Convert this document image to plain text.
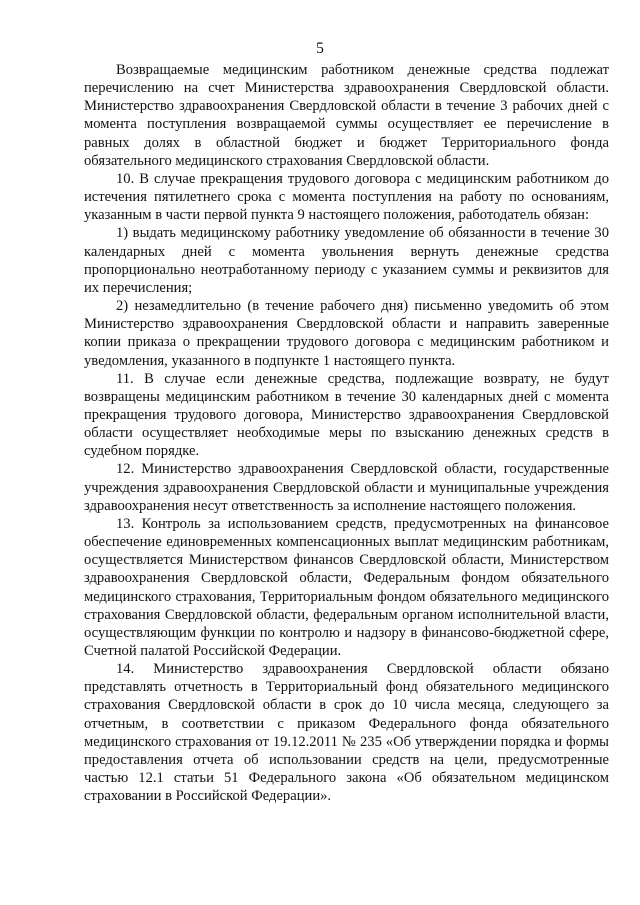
5

Возвращаемые медицинским работником денежные средства подлежат перечислению на счет Министерства здравоохранения Свердловской области. Министерство здравоохранения Свердловской области в течение 3 рабочих дней с момента поступления возвращаемой суммы осуществляет ее перечисление в равных долях в областной бюджет и бюджет Территориального фонда обязательного медицинского страхования Свердловской области.

10. В случае прекращения трудового договора с медицинским работником до истечения пятилетнего срока с момента поступления на работу по основаниям, указанным в части первой пункта 9 настоящего положения, работодатель обязан:

1) выдать медицинскому работнику уведомление об обязанности в течение 30 календарных дней с момента увольнения вернуть денежные средства пропорционально неотработанному периоду с указанием суммы и реквизитов для их перечисления;

2) незамедлительно (в течение рабочего дня) письменно уведомить об этом Министерство здравоохранения Свердловской области и направить заверенные копии приказа о прекращении трудового договора с медицинским работником и уведомления, указанного в подпункте 1 настоящего пункта.

11. В случае если денежные средства, подлежащие возврату, не будут возвращены медицинским работником в течение 30 календарных дней с момента прекращения трудового договора, Министерство здравоохранения Свердловской области осуществляет необходимые меры по взысканию денежных средств в судебном порядке.

12. Министерство здравоохранения Свердловской области, государственные учреждения здравоохранения Свердловской области и муниципальные учреждения здравоохранения несут ответственность за исполнение настоящего положения.

13. Контроль за использованием средств, предусмотренных на финансовое обеспечение единовременных компенсационных выплат медицинским работникам, осуществляется Министерством финансов Свердловской области, Министерством здравоохранения Свердловской области, Федеральным фондом обязательного медицинского страхования, Территориальным фондом обязательного медицинского страхования Свердловской области, федеральным органом исполнительной власти, осуществляющим функции по контролю и надзору в финансово-бюджетной сфере, Счетной палатой Российской Федерации.

14. Министерство здравоохранения Свердловской области обязано представлять отчетность в Территориальный фонд обязательного медицинского страхования Свердловской области в срок до 10 числа месяца, следующего за отчетным, в соответствии с приказом Федерального фонда обязательного медицинского страхования от 19.12.2011 № 235 «Об утверждении порядка и формы предоставления отчета об использовании средств на цели, предусмотренные частью 12.1 статьи 51 Федерального закона «Об обязательном медицинском страховании в Российской Федерации».
